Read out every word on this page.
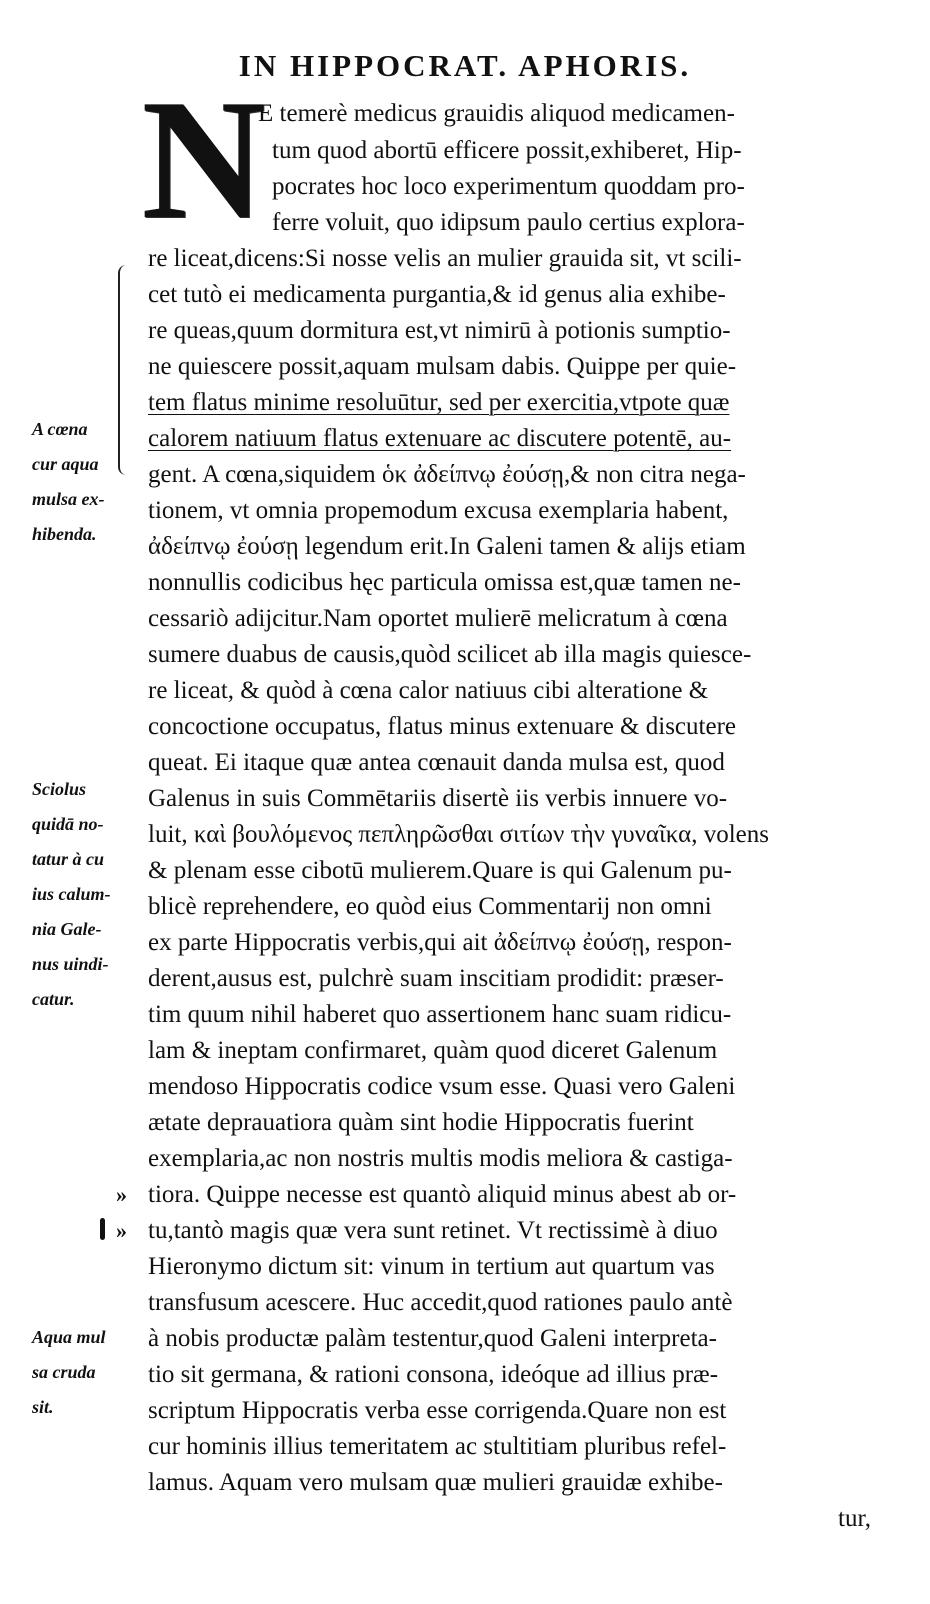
IN HIPPOCRAT. APHORIS.
N
E temerè medicus grauidis aliquod medicamen-
tum quod abortū efficere possit,exhiberet, Hip-
pocrates hoc loco experimentum quoddam pro-
ferre voluit, quo idipsum paulo certius explora-
re liceat,dicens:Si nosse velis an mulier grauida sit, vt scili-
cet tutò ei medicamenta purgantia,& id genus alia exhibe-
re queas,quum dormitura est,vt nimirū à potionis sumptio-
ne quiescere possit,aquam mulsam dabis. Quippe per quie-
tem flatus minime resoluūtur, sed per exercitia,vtpote quæ
calorem natiuum flatus extenuare ac discutere potentē, au-
gent. A cœna,siquidem ὁκ ἀδείπνῳ ἐούσῃ,& non citra nega-
tionem, vt omnia propemodum excusa exemplaria habent,
ἀδείπνῳ ἐούσῃ legendum erit.In Galeni tamen & alijs etiam
nonnullis codicibus hęc particula omissa est,quæ tamen ne-
cessariò adijcitur.Nam oportet mulierē melicratum à cœna
sumere duabus de causis,quòd scilicet ab illa magis quiesce-
re liceat, & quòd à cœna calor natiuus cibi alteratione &
concoctione occupatus, flatus minus extenuare & discutere
queat. Ei itaque quæ antea cœnauit danda mulsa est, quod
Galenus in suis Commētariis disertè iis verbis innuere vo-
luit, καὶ βουλόμενος πεπληρῶσθαι σιτίων τὴν γυναῖκα, volens
& plenam esse cibotū mulierem.Quare is qui Galenum pu-
blicè reprehendere, eo quòd eius Commentarij non omni
ex parte Hippocratis verbis,qui ait ἀδείπνῳ ἐούσῃ, respon-
derent,ausus est, pulchrè suam inscitiam prodidit: præser-
tim quum nihil haberet quo assertionem hanc suam ridicu-
lam & ineptam confirmaret, quàm quod diceret Galenum
mendoso Hippocratis codice vsum esse. Quasi vero Galeni
ætate deprauatiora quàm sint hodie Hippocratis fuerint
exemplaria,ac non nostris multis modis meliora & castiga-
tiora. Quippe necesse est quantò aliquid minus abest ab or-
tu,tantò magis quæ vera sunt retinet. Vt rectissimè à diuo
Hieronymo dictum sit: vinum in tertium aut quartum vas
transfusum acescere. Huc accedit,quod rationes paulo antè
à nobis productæ palàm testentur,quod Galeni interpreta-
tio sit germana, & rationi consona, ideóque ad illius præ-
scriptum Hippocratis verba esse corrigenda.Quare non est
cur hominis illius temeritatem ac stultitiam pluribus refel-
lamus. Aquam vero mulsam quæ mulieri grauidæ exhibe-
tur,
A cœna
cur aqua
mulsa ex-
hibenda.
Sciolus
quidā no-
tatur à cu
ius calum-
nia Gale-
nus uindi-
catur.
Aqua mul
sa cruda
sit.
»
»
